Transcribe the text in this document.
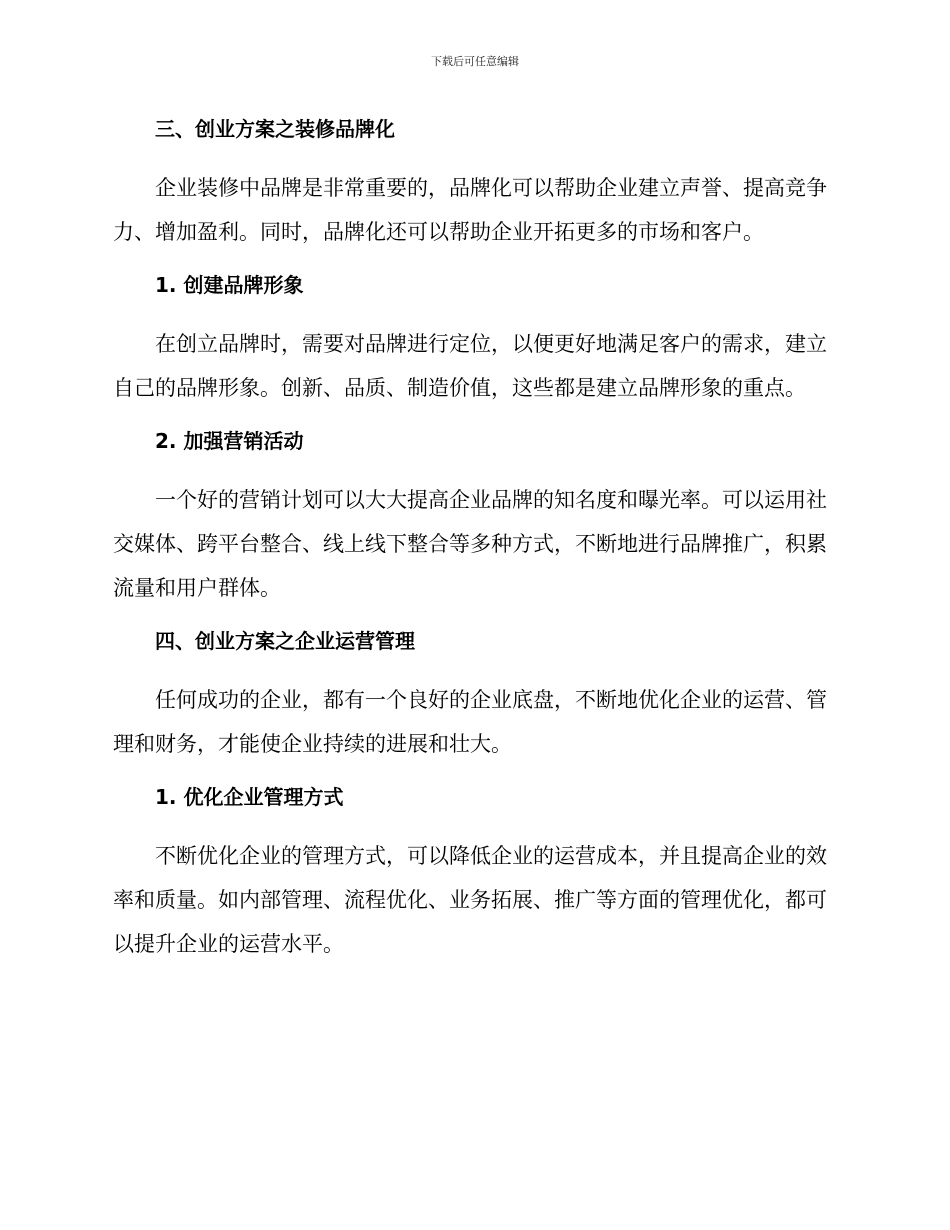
下载后可任意编辑
三、创业方案之装修品牌化

企业装修中品牌是非常重要的，品牌化可以帮助企业建立声誉、提高竞争力、增加盈利。同时，品牌化还可以帮助企业开拓更多的市场和客户。

1. 创建品牌形象

在创立品牌时，需要对品牌进行定位，以便更好地满足客户的需求，建立自己的品牌形象。创新、品质、制造价值，这些都是建立品牌形象的重点。

2. 加强营销活动

一个好的营销计划可以大大提高企业品牌的知名度和曝光率。可以运用社交媒体、跨平台整合、线上线下整合等多种方式，不断地进行品牌推广，积累流量和用户群体。

四、创业方案之企业运营管理

任何成功的企业，都有一个良好的企业底盘，不断地优化企业的运营、管理和财务，才能使企业持续的进展和壮大。

1. 优化企业管理方式

不断优化企业的管理方式，可以降低企业的运营成本，并且提高企业的效率和质量。如内部管理、流程优化、业务拓展、推广等方面的管理优化，都可以提升企业的运营水平。
